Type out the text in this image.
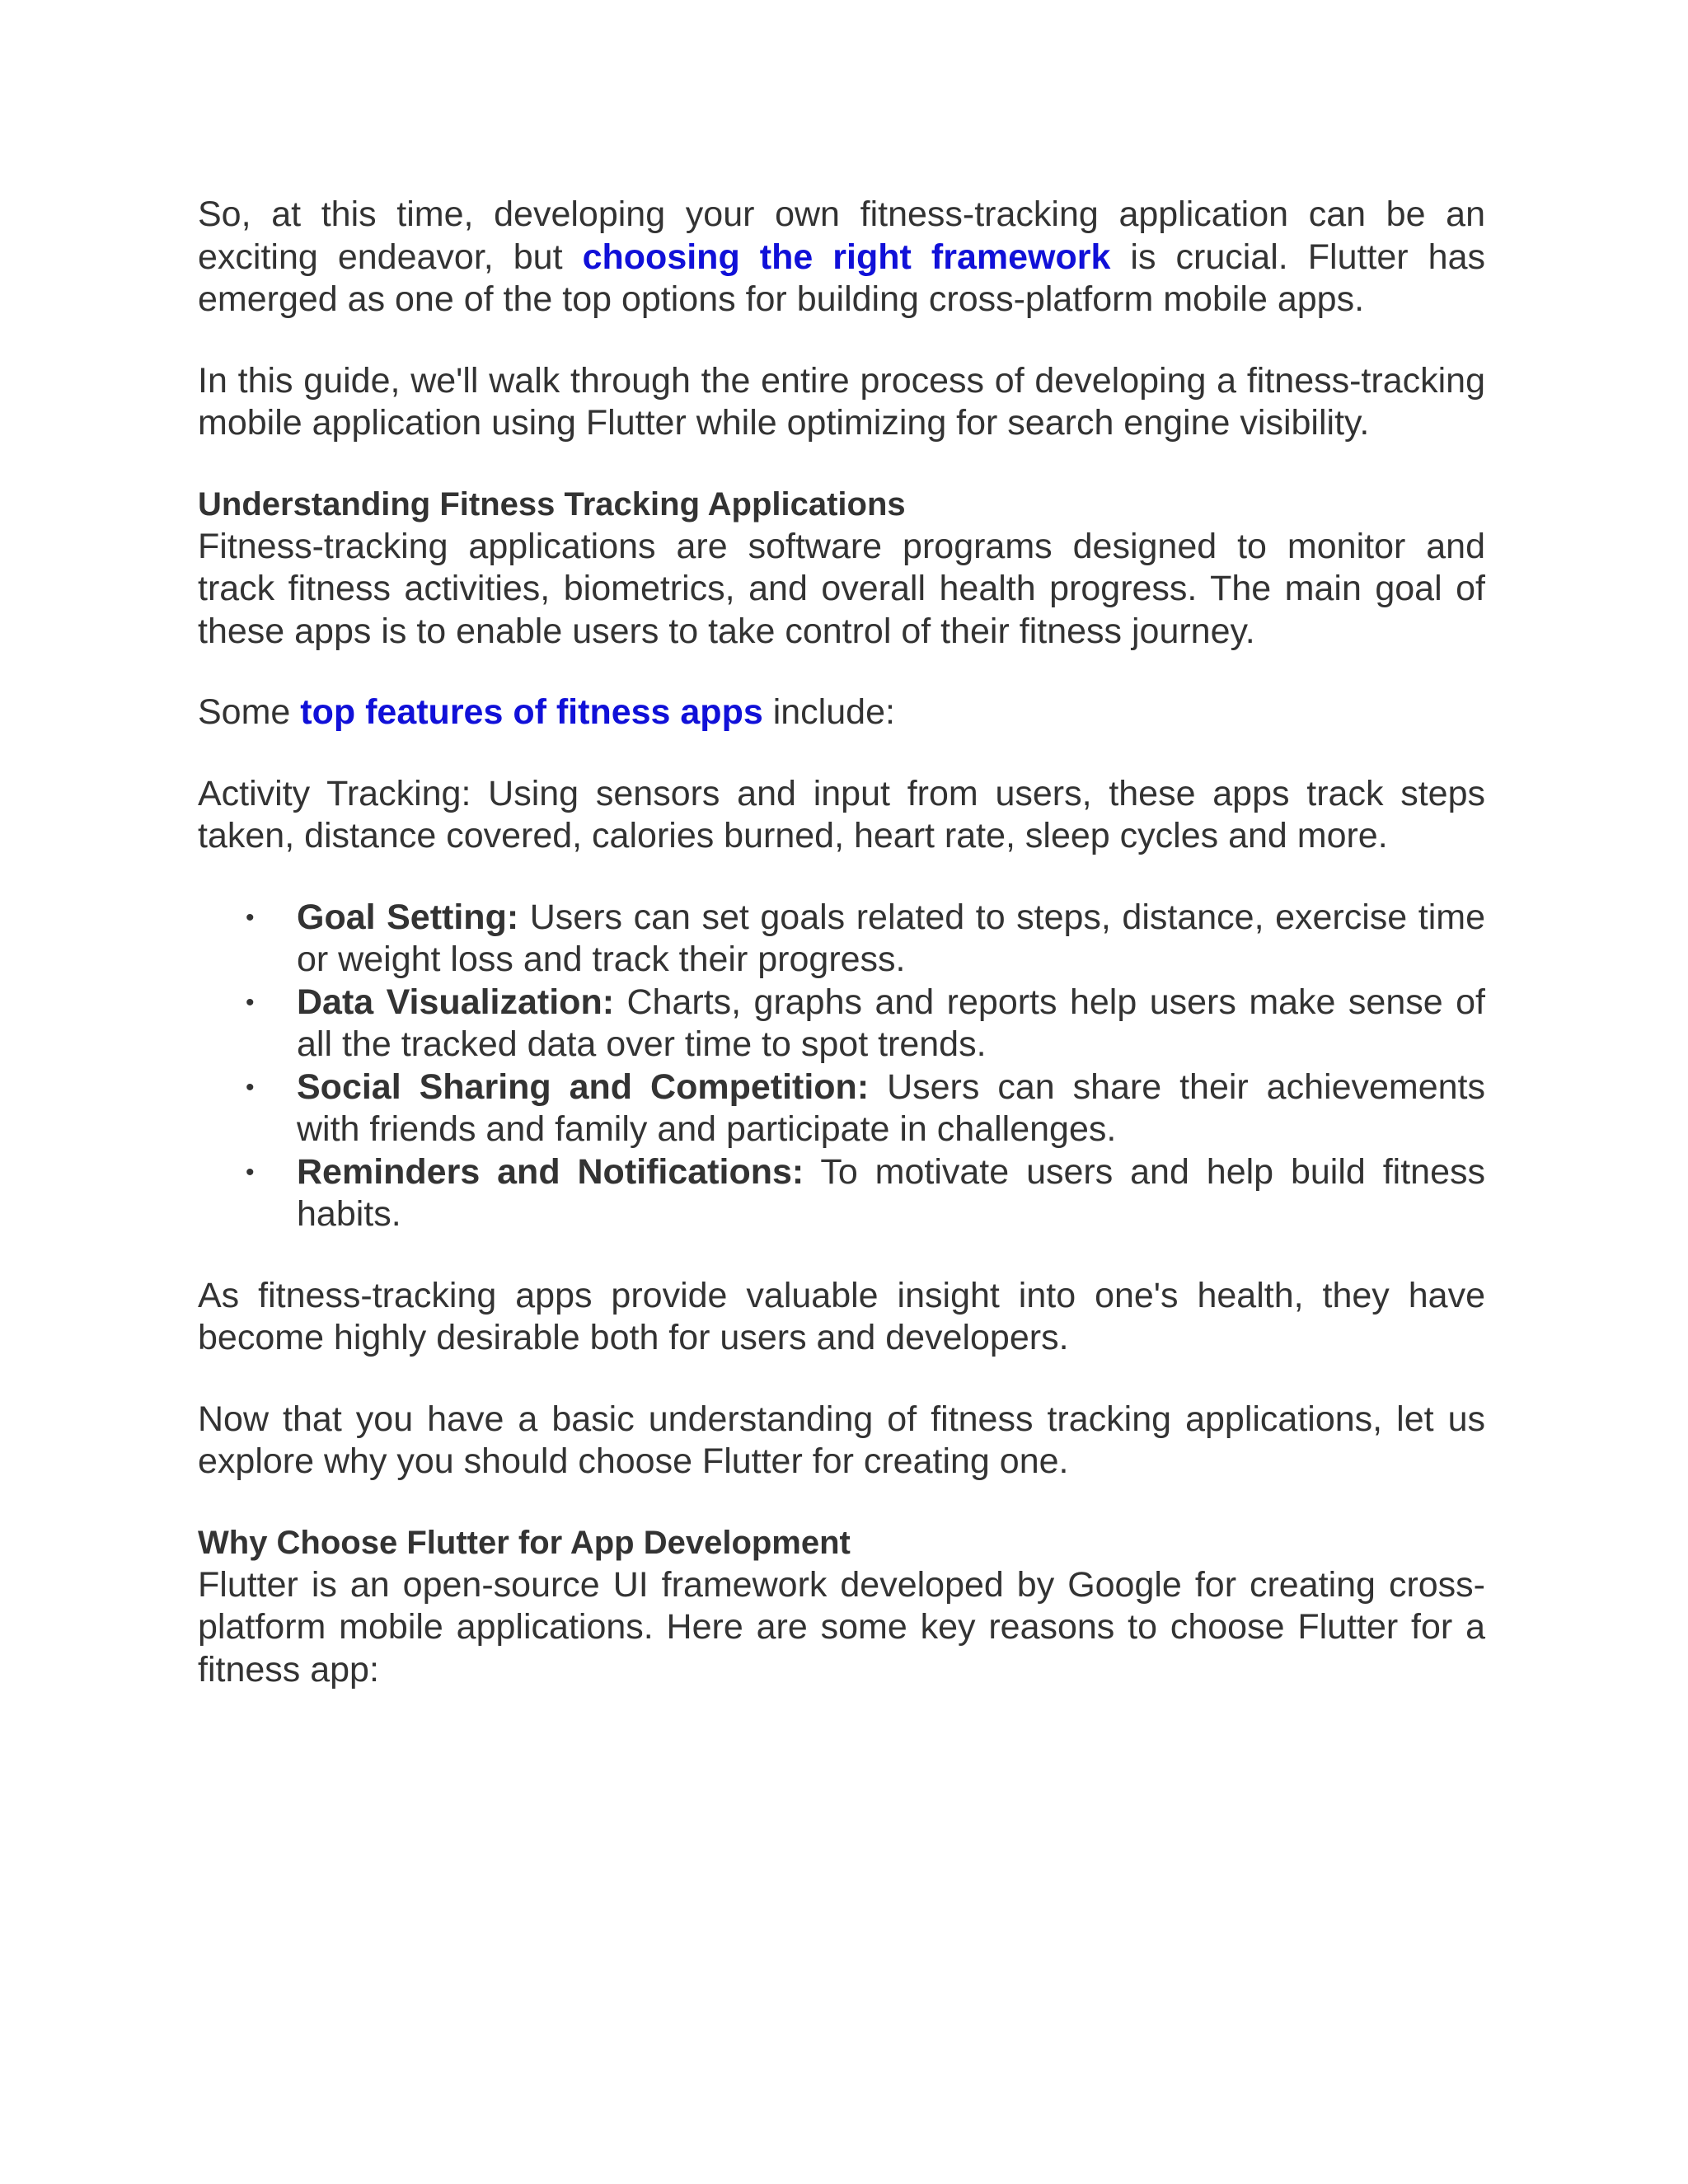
So, at this time, developing your own fitness-tracking application can be an exciting endeavor, but choosing the right framework is crucial. Flutter has emerged as one of the top options for building cross-platform mobile apps.

In this guide, we'll walk through the entire process of developing a fitness-tracking mobile application using Flutter while optimizing for search engine visibility.

Understanding Fitness Tracking Applications

Fitness-tracking applications are software programs designed to monitor and track fitness activities, biometrics, and overall health progress. The main goal of these apps is to enable users to take control of their fitness journey.

Some top features of fitness apps include:

Activity Tracking: Using sensors and input from users, these apps track steps taken, distance covered, calories burned, heart rate, sleep cycles and more.

• Goal Setting: Users can set goals related to steps, distance, exercise time or weight loss and track their progress.
• Data Visualization: Charts, graphs and reports help users make sense of all the tracked data over time to spot trends.
• Social Sharing and Competition: Users can share their achievements with friends and family and participate in challenges.
• Reminders and Notifications: To motivate users and help build fitness habits.

As fitness-tracking apps provide valuable insight into one's health, they have become highly desirable both for users and developers.

Now that you have a basic understanding of fitness tracking applications, let us explore why you should choose Flutter for creating one.

Why Choose Flutter for App Development

Flutter is an open-source UI framework developed by Google for creating cross-platform mobile applications. Here are some key reasons to choose Flutter for a fitness app:
